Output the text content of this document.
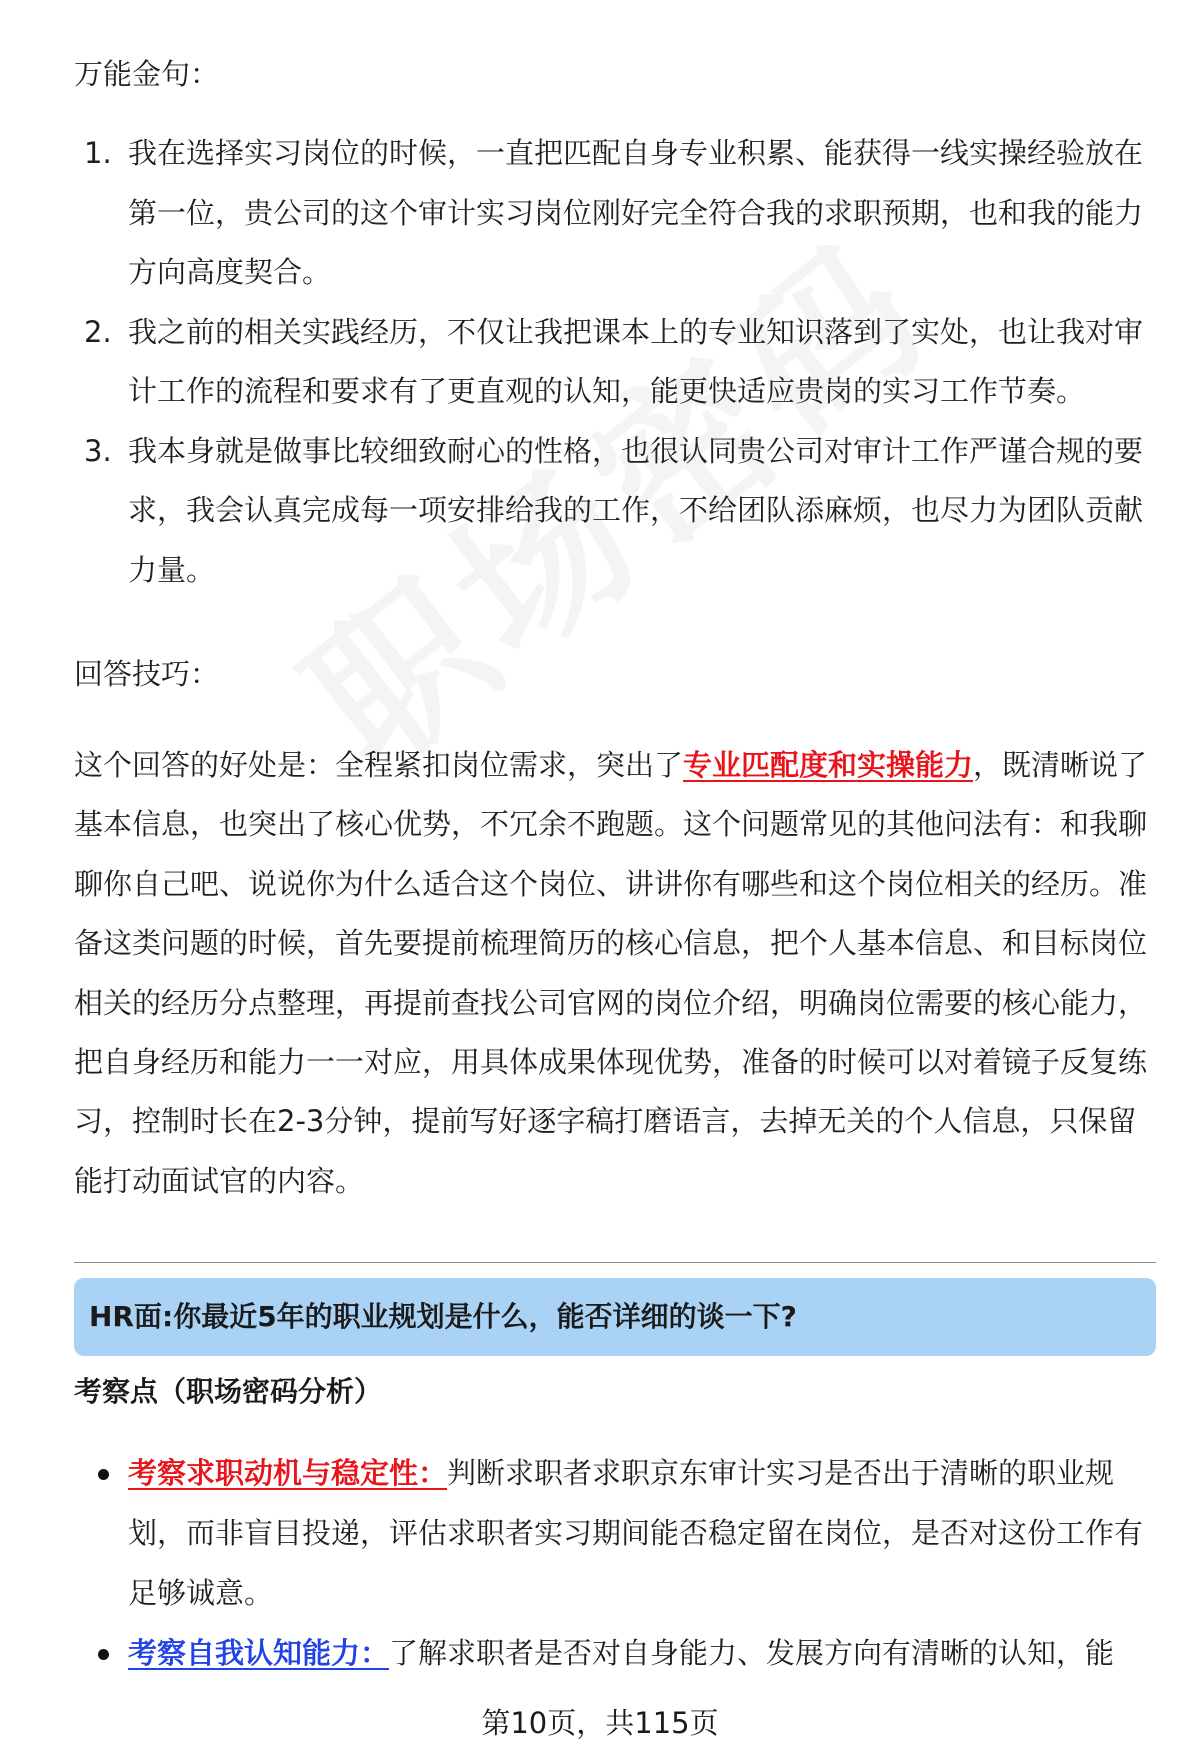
万能金句：
1. 我在选择实习岗位的时候，一直把匹配自身专业积累、能获得一线实操经验放在第一位，贵公司的这个审计实习岗位刚好完全符合我的求职预期，也和我的能力方向高度契合。
2. 我之前的相关实践经历，不仅让我把课本上的专业知识落到了实处，也让我对审计工作的流程和要求有了更直观的认知，能更快适应贵岗的实习工作节奏。
3. 我本身就是做事比较细致耐心的性格，也很认同贵公司对审计工作严谨合规的要求，我会认真完成每一项安排给我的工作，不给团队添麻烦，也尽力为团队贡献力量。
回答技巧：

这个回答的好处是：全程紧扣岗位需求，突出了专业匹配度和实操能力，既清晰说了基本信息，也突出了核心优势，不冗余不跑题。这个问题常见的其他问法有：和我聊聊你自己吧、说说你为什么适合这个岗位、讲讲你有哪些和这个岗位相关的经历。准备这类问题的时候，首先要提前梳理简历的核心信息，把个人基本信息、和目标岗位相关的经历分点整理，再提前查找公司官网的岗位介绍，明确岗位需要的核心能力，把自身经历和能力一一对应，用具体成果体现优势，准备的时候可以对着镜子反复练习，控制时长在2-3分钟，提前写好逐字稿打磨语言，去掉无关的个人信息，只保留能打动面试官的内容。

HR面:你最近5年的职业规划是什么，能否详细的谈一下?
考察点（职场密码分析）
考察求职动机与稳定性：判断求职者求职京东审计实习是否出于清晰的职业规划，而非盲目投递，评估求职者实习期间能否稳定留在岗位，是否对这份工作有足够诚意。
考察自我认知能力：了解求职者是否对自身能力、发展方向有清晰的认知，能
第10页，共115页
